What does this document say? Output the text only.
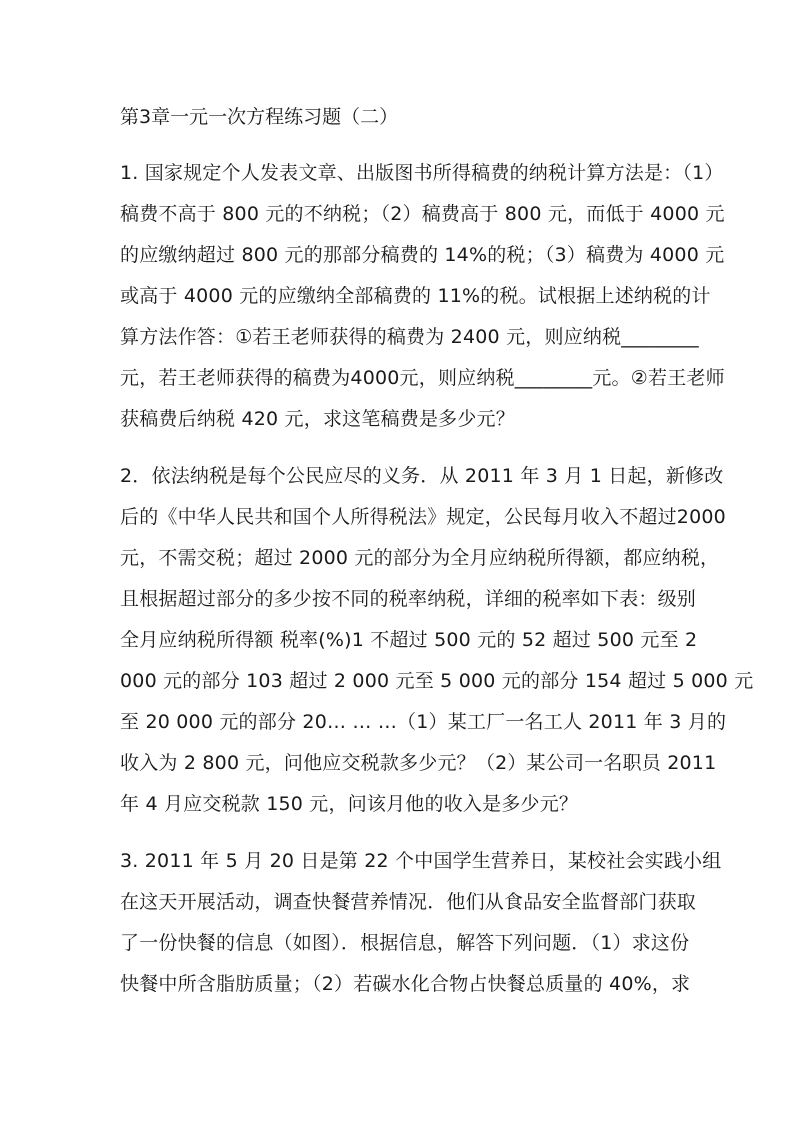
第3章一元一次方程练习题（二）
1. 国家规定个人发表文章、出版图书所得稿费的纳税计算方法是：（1）
稿费不高于 800 元的不纳税；（2）稿费高于 800 元，而低于 4000 元
的应缴纳超过 800 元的那部分稿费的 14%的税；（3）稿费为 4000 元
或高于 4000 元的应缴纳全部稿费的 11%的税。试根据上述纳税的计
算方法作答：①若王老师获得的稿费为 2400 元，则应纳税________
元，若王老师获得的稿费为4000元，则应纳税________元。②若王老师
获稿费后纳税 420 元，求这笔稿费是多少元？
2．依法纳税是每个公民应尽的义务．从 2011 年 3 月 1 日起，新修改
后的《中华人民共和国个人所得税法》规定，公民每月收入不超过2000
元，不需交税；超过 2000 元的部分为全月应纳税所得额，都应纳税，
且根据超过部分的多少按不同的税率纳税，详细的税率如下表：级别
全月应纳税所得额 税率(%)1 不超过 500 元的 52 超过 500 元至 2
000 元的部分 103 超过 2 000 元至 5 000 元的部分 154 超过 5 000 元
至 20 000 元的部分 20… … …（1）某工厂一名工人 2011 年 3 月的
收入为 2 800 元，问他应交税款多少元？（2）某公司一名职员 2011
年 4 月应交税款 150 元，问该月他的收入是多少元？
3. 2011 年 5 月 20 日是第 22 个中国学生营养日，某校社会实践小组
在这天开展活动，调查快餐营养情况．他们从食品安全监督部门获取
了一份快餐的信息（如图）．根据信息，解答下列问题．（1）求这份
快餐中所含脂肪质量；（2）若碳水化合物占快餐总质量的 40%，求
